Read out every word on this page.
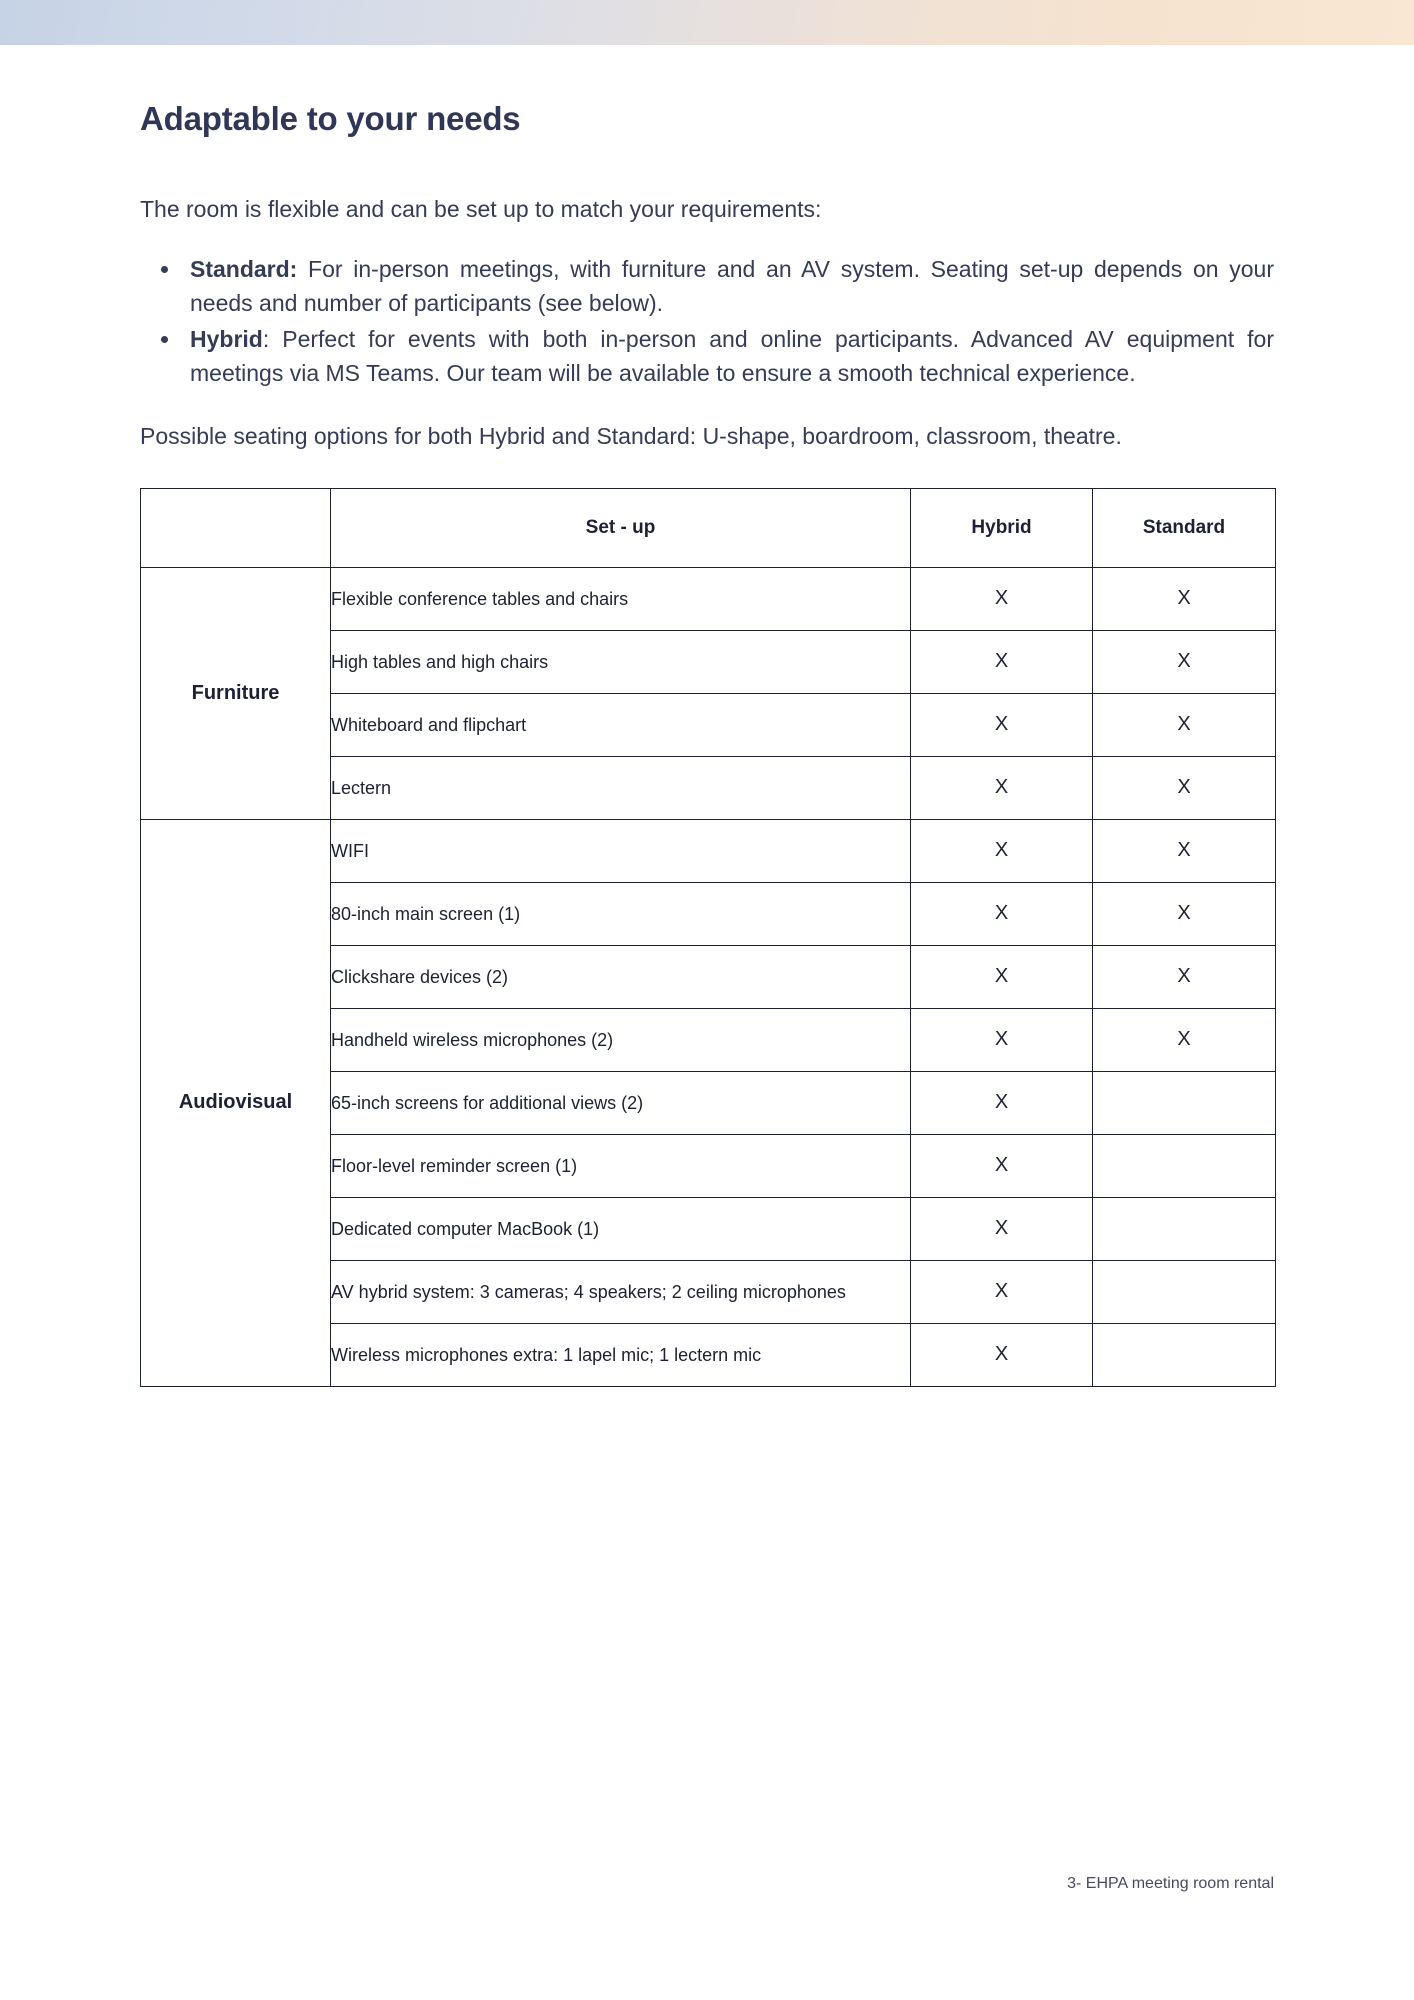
Adaptable to your needs

The room is flexible and can be set up to match your requirements:

• Standard: For in-person meetings, with furniture and an AV system. Seating set-up depends on your needs and number of participants (see below).
• Hybrid: Perfect for events with both in-person and online participants. Advanced AV equipment for meetings via MS Teams. Our team will be available to ensure a smooth technical experience.

Possible seating options for both Hybrid and Standard: U-shape, boardroom, classroom, theatre.

	Set - up	Hybrid	Standard
Furniture	Flexible conference tables and chairs	X	X
	High tables and high chairs	X	X
	Whiteboard and flipchart	X	X
	Lectern	X	X
Audiovisual	WIFI	X	X
	80-inch main screen (1)	X	X
	Clickshare devices (2)	X	X
	Handheld wireless microphones (2)	X	X
	65-inch screens for additional views (2)	X	
	Floor-level reminder screen (1)	X	
	Dedicated computer MacBook (1)	X	
	AV hybrid system: 3 cameras; 4 speakers; 2 ceiling microphones	X	
	Wireless microphones extra: 1 lapel mic; 1 lectern mic	X	
3- EHPA meeting room rental
